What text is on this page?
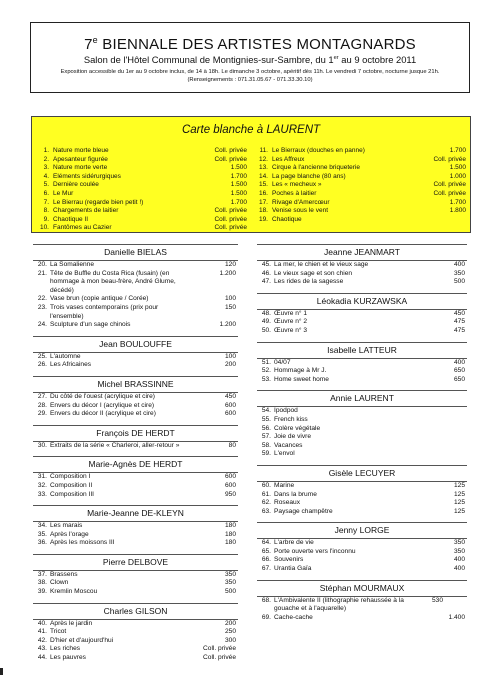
7e BIENNALE DES ARTISTES MONTAGNARDS
Salon de l'Hôtel Communal de Montignies-sur-Sambre, du 1er au 9 octobre 2011
Exposition accessible du 1er au 9 octobre inclus, de 14 à 18h. Le dimanche 3 octobre, apéritif dès 11h. Le vendredi 7 octobre, nocturne jusque 21h.
(Renseignements : 071.31.05.67 - 071.33.30.10)
Carte blanche à LAURENT
1. Nature morte bleue	Coll. privée
2. Apesanteur figurée	Coll. privée
3. Nature morte verte	1.500
4. Eléments sidérurgiques	1.700
5. Dernière coulée	1.500
6. Le Mur	1.500
7. Le Bierrau (regarde bien petit !)	1.700
8. Chargements de laitier	Coll. privée
9. Chaotique II	Coll. privée
10. Fantômes au Cazier	Coll. privée
11. Le Bierraux (douches en panne)	1.700
12. Les Affreux	Coll. privée
13. Cirque à l'ancienne briqueterie	1.500
14. La page blanche (80 ans)	1.000
15. Les « mecheux »	Coll. privée
16. Poches à laitier	Coll. privée
17. Rivage d'Amercœur	1.700
18. Venise sous le vent	1.800
19. Chaotique
Danielle BIELAS
20. La Somalienne	120
21. Tête de Buffle du Costa Rica (fusain) (en hommage à mon beau-frère, André Glume, décédé)
1.200
22. Vase brun (copie antique / Corée)	100
23. Trois vases contemporains (prix pour l'ensemble)
150
24. Sculpture d'un sage chinois	1.200
Jean BOULOUFFE
25. L'automne	100
26. Les Africaines	200
Michel BRASSINNE
27. Du côté de l'ouest (acrylique et cire)	450
28. Envers du décor I (acrylique et cire)	600
29. Envers du décor II (acrylique et cire)	600
François DE HERDT
30. Extraits de la série « Charleroi, aller-retour »	80
Marie-Agnès DE HERDT
31. Composition I	600
32. Composition II	600
33. Composition III	950
Marie-Jeanne DE-KLEYN
34. Les marais	180
35. Après l'orage	180
36. Après les moissons III	180
Pierre DELBOVE
37. Brassens	350
38. Clown	350
39. Kremlin Moscou	500
Charles GILSON
40. Après le jardin	200
41. Tricot	250
42. D'hier et d'aujourd'hui	300
43. Les riches	Coll. privée
44. Les pauvres	Coll. privée
Jeanne JEANMART
45. La mer, le chien et le vieux sage	400
46. Le vieux sage et son chien	350
47. Les rides de la sagesse	500
Léokadia KURZAWSKA
48. Œuvre n° 1	450
49. Œuvre n° 2	475
50. Œuvre n° 3	475
Isabelle LATTEUR
51. 04/07	400
52. Hommage à Mr J.	650
53. Home sweet home	650
Annie LAURENT
54. Ipodpod
55. French kiss
56. Colère végétale
57. Joie de vivre
58. Vacances
59. L'envol
Gisèle LECUYER
60. Marine	125
61. Dans la brume	125
62. Roseaux	125
63. Paysage champêtre	125
Jenny LORGE
64. L'arbre de vie	350
65. Porte ouverte vers l'inconnu	350
66. Souvenirs	400
67. Urantia Gaïa	400
Stéphan MOURMAUX
68. L'Ambivalente II (lithographie rehaussée à la gouache et à l'aquarelle)
530
69. Cache-cache	1.400
